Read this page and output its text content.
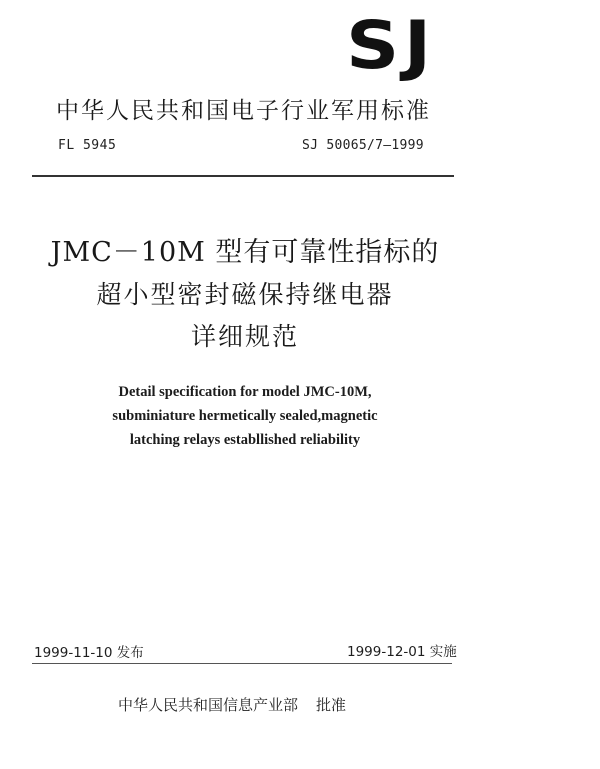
SJ
中华人民共和国电子行业军用标准
FL 5945	SJ 50065/7—1999
JMC－10M 型有可靠性指标的
超小型密封磁保持继电器
详细规范
Detail specification for model JMC-10M,
subminiature hermetically sealed,magnetic
latching relays establlished reliability
1999-11-10 发布	1999-12-01 实施
中华人民共和国信息产业部 批准
